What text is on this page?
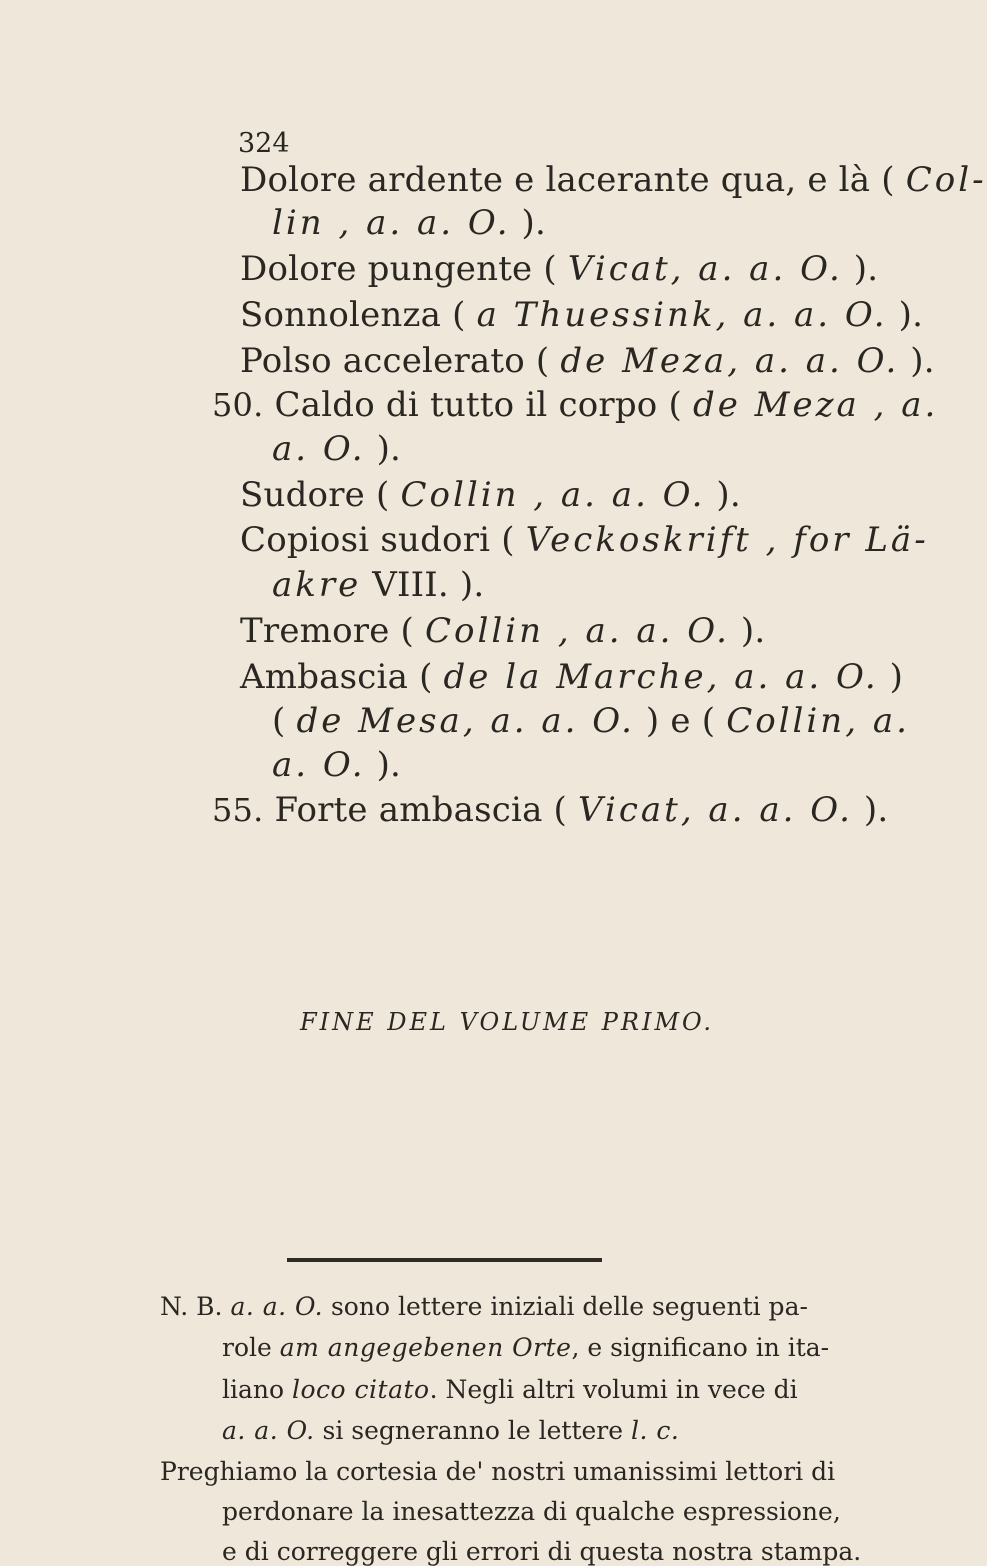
324
Dolore ardente e lacerante qua, e là ( Col-
lin , a. a. O. ).
Dolore pungente ( Vicat, a. a. O. ).
Sonnolenza ( a Thuessink, a. a. O. ).
Polso accelerato ( de Meza, a. a. O. ).
50. Caldo di tutto il corpo ( de Meza , a.
a. O. ).
Sudore ( Collin , a. a. O. ).
Copiosi sudori ( Veckoskrift , for Lä-
akre VIII. ).
Tremore ( Collin , a. a. O. ).
Ambascia ( de la Marche, a. a. O. )
( de Mesa, a. a. O. ) e ( Collin, a.
a. O. ).
55. Forte ambascia ( Vicat, a. a. O. ).
FINE DEL VOLUME PRIMO.
N. B. a. a. O. sono lettere iniziali delle seguenti pa-
role am angegebenen Orte, e significano in ita-
liano loco citato. Negli altri volumi in vece di
a. a. O. si segneranno le lettere l. c.
Preghiamo la cortesia de' nostri umanissimi lettori di
perdonare la inesattezza di qualche espressione,
e di correggere gli errori di questa nostra stampa.
